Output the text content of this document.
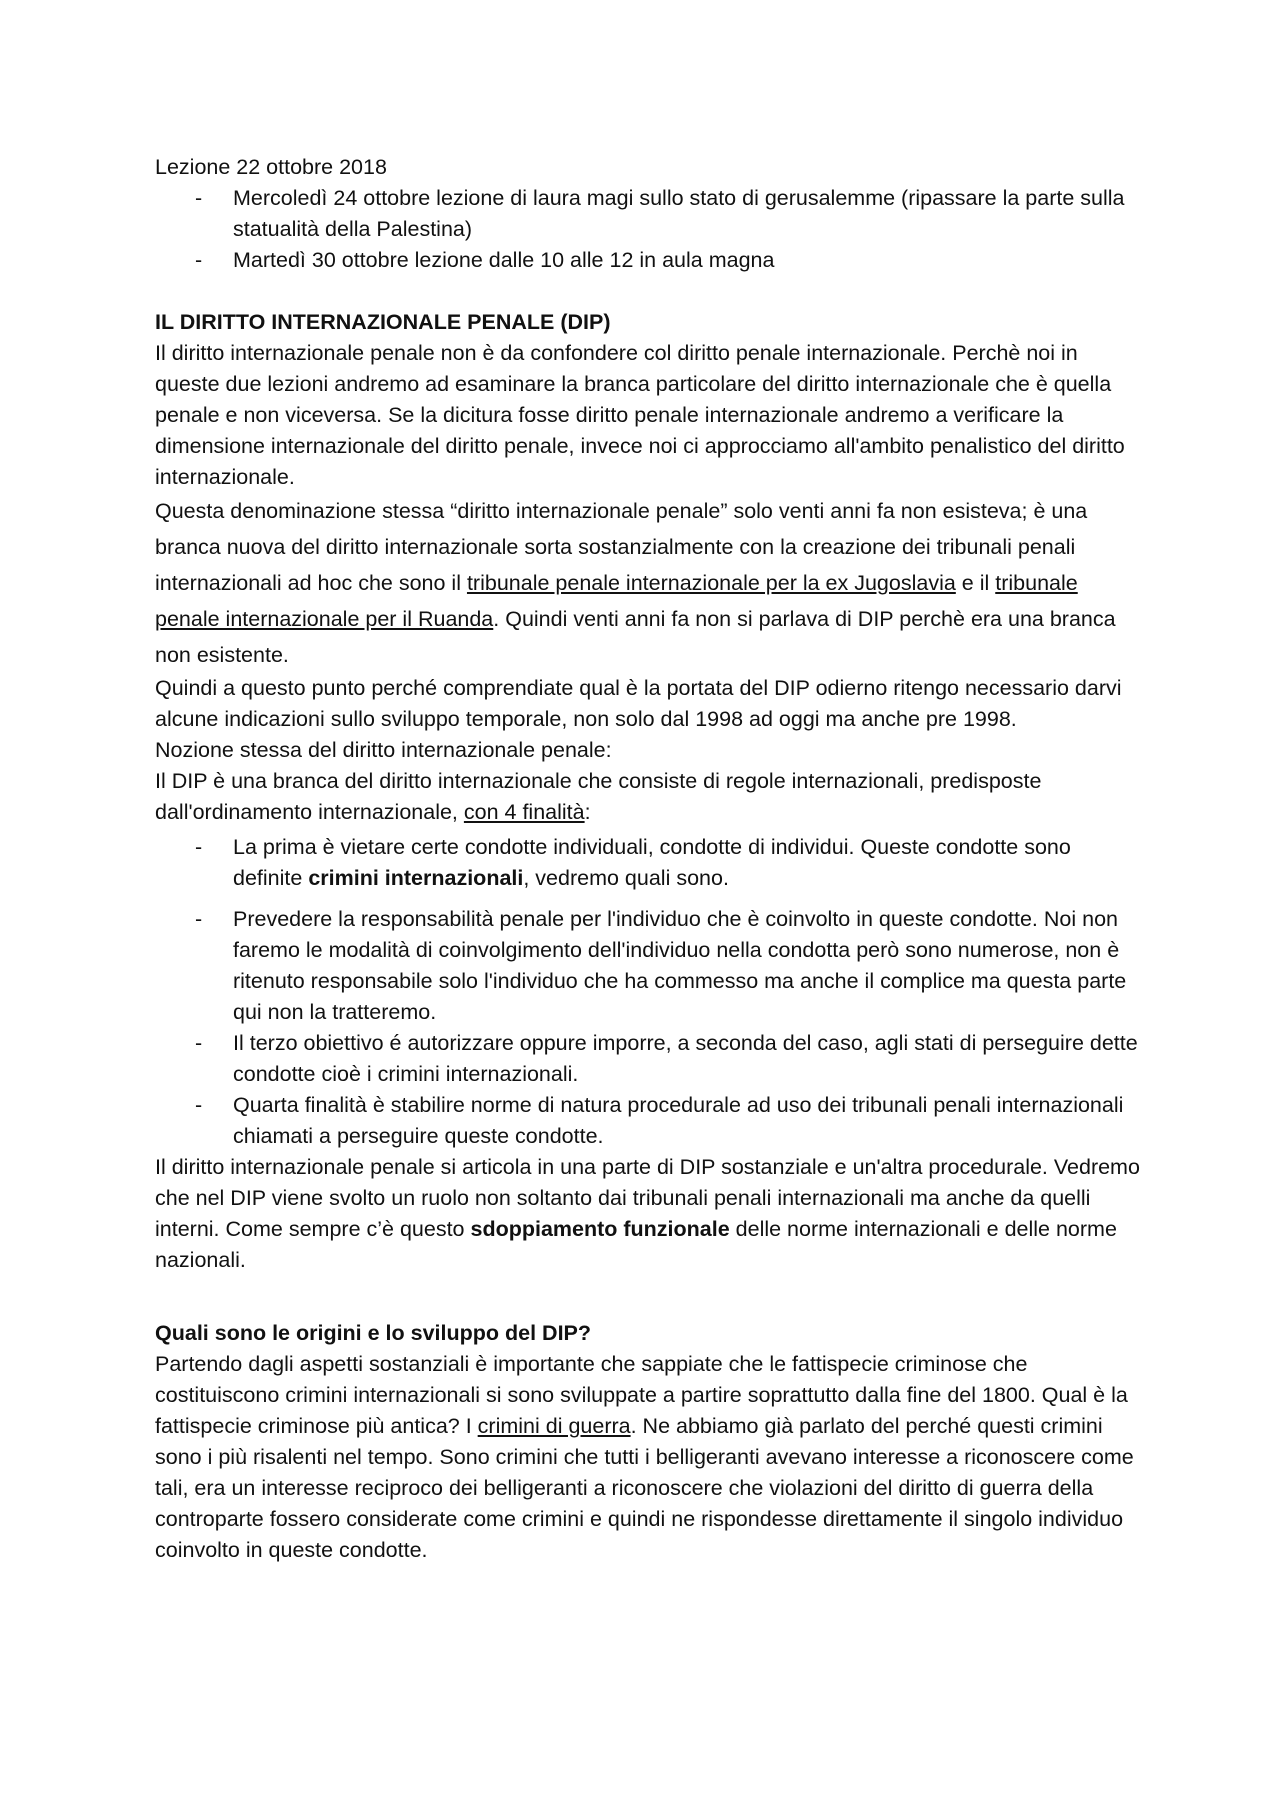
Lezione 22 ottobre 2018

- Mercoledì 24 ottobre lezione di laura magi sullo stato di gerusalemme (ripassare la parte sulla statualità della Palestina)
- Martedì 30 ottobre lezione dalle 10 alle 12 in aula magna
IL DIRITTO INTERNAZIONALE PENALE (DIP)

Il diritto internazionale penale non è da confondere col diritto penale internazionale. Perchè noi in queste due lezioni andremo ad esaminare la branca particolare del diritto internazionale che è quella penale e non viceversa. Se la dicitura fosse diritto penale internazionale andremo a verificare la dimensione internazionale del diritto penale, invece noi ci approcciamo all'ambito penalistico del diritto internazionale.

Questa denominazione stessa “diritto internazionale penale” solo venti anni fa non esisteva; è una branca nuova del diritto internazionale sorta sostanzialmente con la creazione dei tribunali penali internazionali ad hoc che sono il tribunale penale internazionale per la ex Jugoslavia e il tribunale penale internazionale per il Ruanda. Quindi venti anni fa non si parlava di DIP perchè era una branca non esistente.

Quindi a questo punto perché comprendiate qual è la portata del DIP odierno ritengo necessario darvi alcune indicazioni sullo sviluppo temporale, non solo dal 1998 ad oggi ma anche pre 1998.

Nozione stessa del diritto internazionale penale:

Il DIP è una branca del diritto internazionale che consiste di regole internazionali, predisposte dall'ordinamento internazionale, con 4 finalità:

- La prima è vietare certe condotte individuali, condotte di individui. Queste condotte sono definite crimini internazionali, vedremo quali sono.
- Prevedere la responsabilità penale per l'individuo che è coinvolto in queste condotte. Noi non faremo le modalità di coinvolgimento dell'individuo nella condotta però sono numerose, non è ritenuto responsabile solo l'individuo che ha commesso ma anche il complice ma questa parte qui non la tratteremo.
- Il terzo obiettivo é autorizzare oppure imporre, a seconda del caso, agli stati di perseguire dette condotte cioè i crimini internazionali.
- Quarta finalità è stabilire norme di natura procedurale ad uso dei tribunali penali internazionali chiamati a perseguire queste condotte.

Il diritto internazionale penale si articola in una parte di DIP sostanziale e un'altra procedurale. Vedremo che nel DIP viene svolto un ruolo non soltanto dai tribunali penali internazionali ma anche da quelli interni. Come sempre c’è questo sdoppiamento funzionale delle norme internazionali e delle norme nazionali.

Quali sono le origini e lo sviluppo del DIP?

Partendo dagli aspetti sostanziali è importante che sappiate che le fattispecie criminose che costituiscono crimini internazionali si sono sviluppate a partire soprattutto dalla fine del 1800. Qual è la fattispecie criminose più antica? I crimini di guerra. Ne abbiamo già parlato del perché questi crimini sono i più risalenti nel tempo. Sono crimini che tutti i belligeranti avevano interesse a riconoscere come tali, era un interesse reciproco dei belligeranti a riconoscere che violazioni del diritto di guerra della controparte fossero considerate come crimini e quindi ne rispondesse direttamente il singolo individuo coinvolto in queste condotte.
